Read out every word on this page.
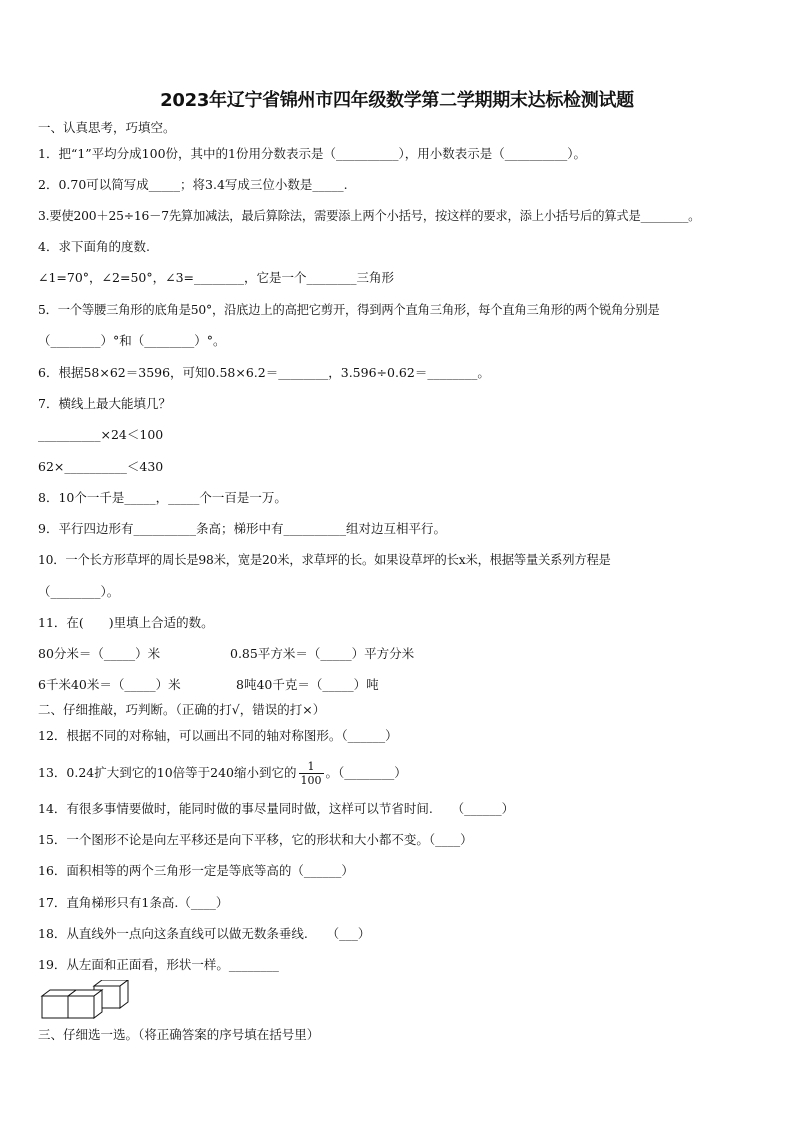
2023年辽宁省锦州市四年级数学第二学期期末达标检测试题
一、认真思考，巧填空。
1．把“1”平均分成100份，其中的1份用分数表示是（__________），用小数表示是（__________）。
2．0.70可以简写成_____；将3.4写成三位小数是_____.
3.要使200＋25÷16－7先算加减法，最后算除法，需要添上两个小括号，按这样的要求，添上小括号后的算式是________。
4．求下面角的度数.
∠1=70°，∠2=50°，∠3=________，它是一个________三角形
5．一个等腰三角形的底角是50°，沿底边上的高把它剪开，得到两个直角三角形，每个直角三角形的两个锐角分别是
（________）°和（________）°。
6．根据58×62＝3596，可知0.58×6.2＝________，3.596÷0.62＝________。
7．横线上最大能填几？
__________×24＜100
62×__________＜430
8．10个一千是_____，_____个一百是一万。
9．平行四边形有__________条高；梯形中有__________组对边互相平行。
10．一个长方形草坪的周长是98米，宽是20米，求草坪的长。如果设草坪的长x米，根据等量关系列方程是
（________）。
11．在(　　)里填上合适的数。
80分米＝（_____）米	0.85平方米＝（_____）平方分米
6千米40米＝（_____）米	8吨40千克＝（_____）吨
二、仔细推敲，巧判断。（正确的打√，错误的打×）
12．根据不同的对称轴，可以画出不同的轴对称图形。（______）
13．0.24扩大到它的10倍等于240缩小到它的 $\frac{1}{100}$ 。（________）
14．有很多事情要做时，能同时做的事尽量同时做，这样可以节省时间.　　（______）
15．一个图形不论是向左平移还是向下平移，它的形状和大小都不变。（____）
16．面积相等的两个三角形一定是等底等高的（______）
17．直角梯形只有1条高.（____）
18．从直线外一点向这条直线可以做无数条垂线.　　（___）
19．从左面和正面看，形状一样。________
三、仔细选一选。（将正确答案的序号填在括号里）
